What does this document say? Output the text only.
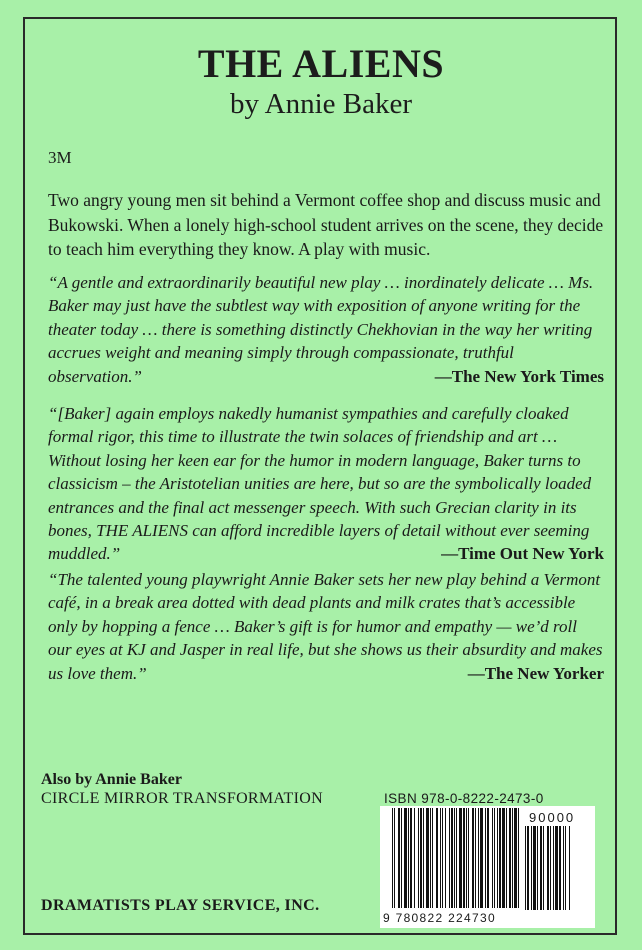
THE ALIENS
by Annie Baker
3M
Two angry young men sit behind a Vermont coffee shop and discuss music and Bukowski. When a lonely high-school student arrives on the scene, they decide to teach him everything they know. A play with music.
“A gentle and extraordinarily beautiful new play … inordinately delicate … Ms. Baker may just have the subtlest way with exposition of anyone writing for the theater today … there is something distinctly Chekhovian in the way her writing accrues weight and meaning simply through compassionate, truthful observation.”	—The New York Times
“[Baker] again employs nakedly humanist sympathies and carefully cloaked formal rigor, this time to illustrate the twin solaces of friendship and art … Without losing her keen ear for the humor in modern language, Baker turns to classicism – the Aristotelian unities are here, but so are the symbolically loaded entrances and the final act messenger speech. With such Grecian clarity in its bones, THE ALIENS can afford incredible layers of detail without ever seeming muddled.”	—Time Out New York
“The talented young playwright Annie Baker sets her new play behind a Vermont café, in a break area dotted with dead plants and milk crates that’s accessible only by hopping a fence … Baker’s gift is for humor and empathy — we’d roll our eyes at KJ and Jasper in real life, but she shows us their absurdity and makes us love them.”	—The New Yorker
Also by Annie Baker
CIRCLE MIRROR TRANSFORMATION
DRAMATISTS PLAY SERVICE, INC.
ISBN 978-0-8222-2473-0
90000
9 780822 224730
